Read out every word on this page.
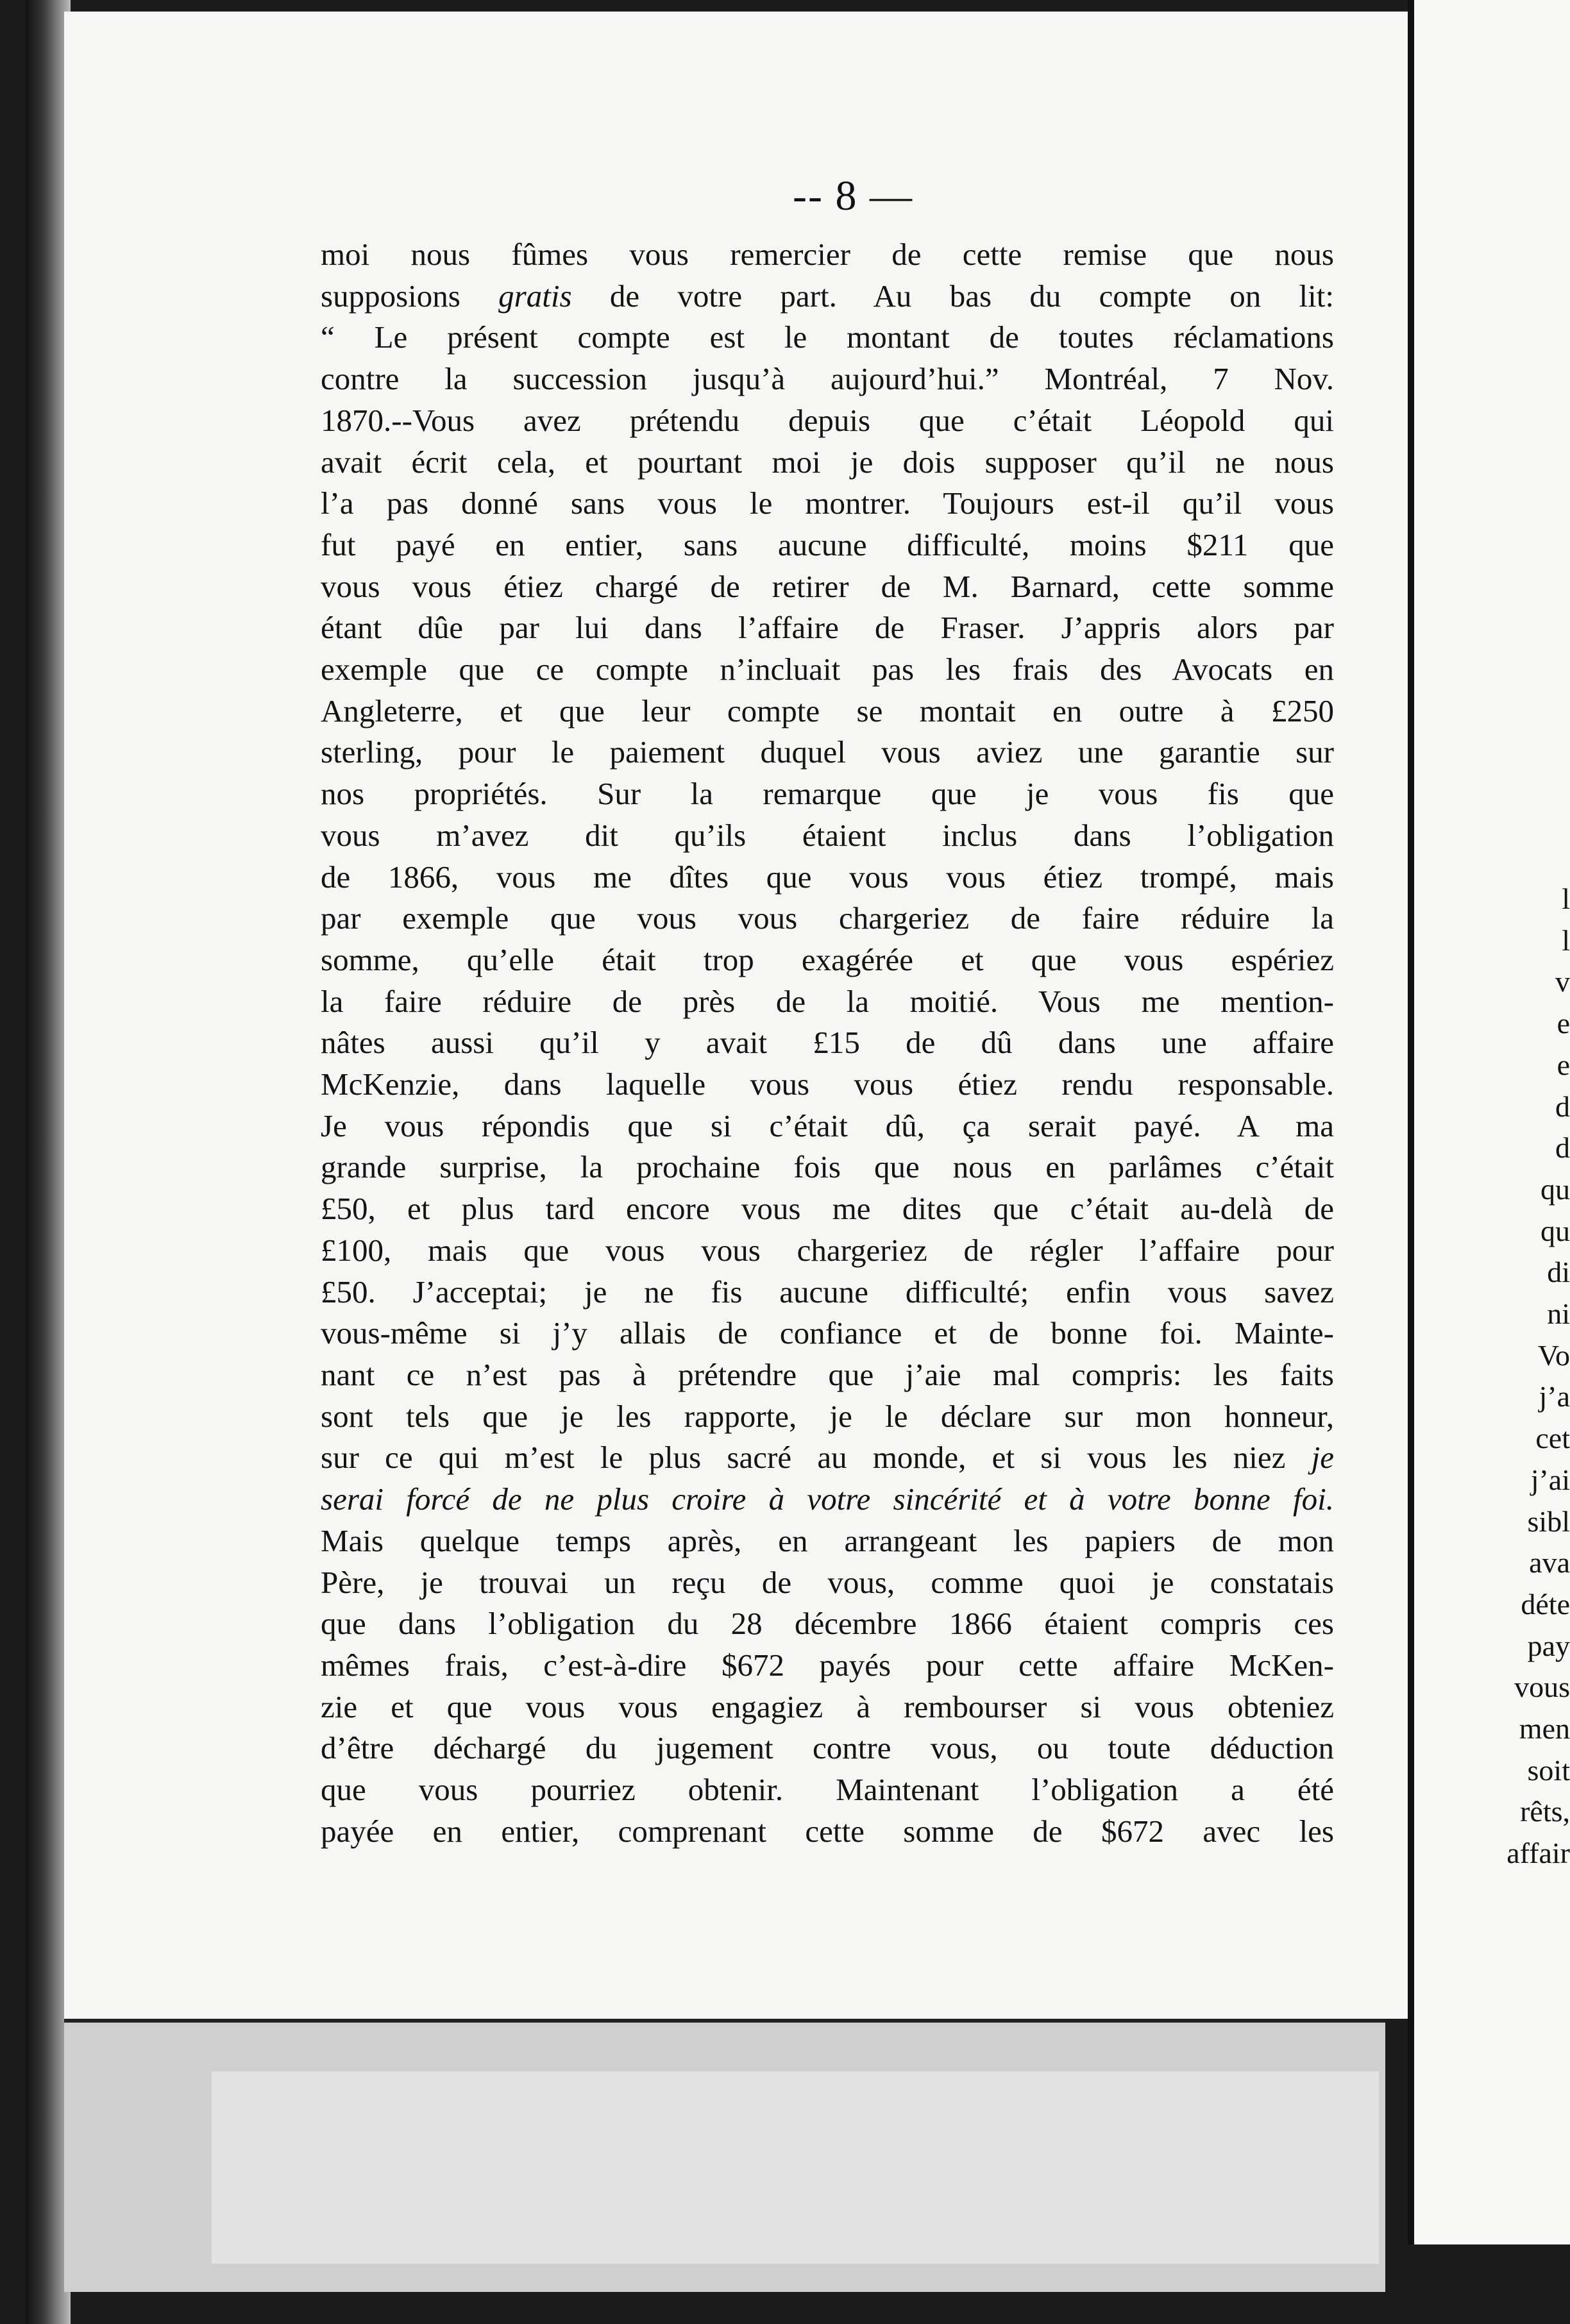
-- 8 —
moi nous fûmes vous remercier de cette remise que nous
supposions gratis de votre part. Au bas du compte on lit:
“ Le présent compte est le montant de toutes réclamations
contre la succession jusqu’à aujourd’hui.” Montréal, 7 Nov.
1870.--Vous avez prétendu depuis que c’était Léopold qui
avait écrit cela, et pourtant moi je dois supposer qu’il ne nous
l’a pas donné sans vous le montrer. Toujours est-il qu’il vous
fut payé en entier, sans aucune difficulté, moins $211 que
vous vous étiez chargé de retirer de M. Barnard, cette somme
étant dûe par lui dans l’affaire de Fraser. J’appris alors par
exemple que ce compte n’incluait pas les frais des Avocats en
Angleterre, et que leur compte se montait en outre à £250
sterling, pour le paiement duquel vous aviez une garantie sur
nos propriétés. Sur la remarque que je vous fis que
vous m’avez dit qu’ils étaient inclus dans l’obligation
de 1866, vous me dîtes que vous vous étiez trompé, mais
par exemple que vous vous chargeriez de faire réduire la
somme, qu’elle était trop exagérée et que vous espériez
la faire réduire de près de la moitié. Vous me mention-
nâtes aussi qu’il y avait £15 de dû dans une affaire
McKenzie, dans laquelle vous vous étiez rendu responsable.
Je vous répondis que si c’était dû, ça serait payé. A ma
grande surprise, la prochaine fois que nous en parlâmes c’était
£50, et plus tard encore vous me dites que c’était au-delà de
£100, mais que vous vous chargeriez de régler l’affaire pour
£50. J’acceptai; je ne fis aucune difficulté; enfin vous savez
vous-même si j’y allais de confiance et de bonne foi. Mainte-
nant ce n’est pas à prétendre que j’aie mal compris: les faits
sont tels que je les rapporte, je le déclare sur mon honneur,
sur ce qui m’est le plus sacré au monde, et si vous les niez je
serai forcé de ne plus croire à votre sincérité et à votre bonne foi.
Mais quelque temps après, en arrangeant les papiers de mon
Père, je trouvai un reçu de vous, comme quoi je constatais
que dans l’obligation du 28 décembre 1866 étaient compris ces
mêmes frais, c’est-à-dire $672 payés pour cette affaire McKen-
zie et que vous vous engagiez à rembourser si vous obteniez
d’être déchargé du jugement contre vous, ou toute déduction
que vous pourriez obtenir. Maintenant l’obligation a été
payée en entier, comprenant cette somme de $672 avec les
l
l
v
e
e
d
d
qu
qu
di
ni
Vo
j’a
cet
j’ai
sibl
ava
déte
pay
vous
men
soit
rêts,
affair
